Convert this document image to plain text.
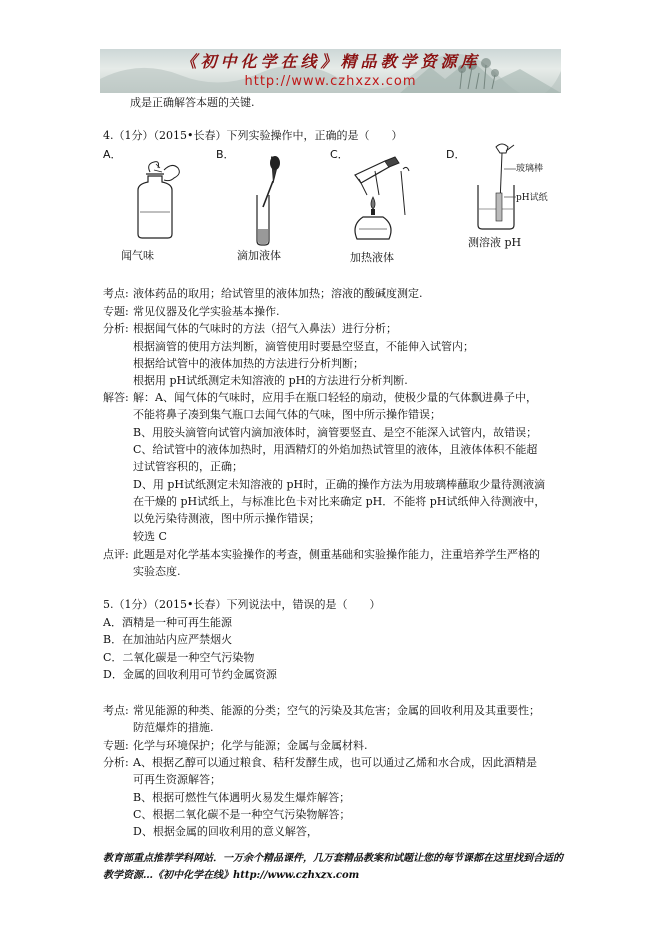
《初中化学在线》精品教学资源库
http://www.czhxzx.com
成是正确解答本题的关键.
4.（1分）（2015•长春）下列实验操作中，正确的是（　　）
A．	B．	C．	D．
闻气味	滴加液体	加热液体
玻璃棒
pH试纸
测溶液 pH
考点: 液体药品的取用；给试管里的液体加热；溶液的酸碱度测定.
专题: 常见仪器及化学实验基本操作.
分析: 根据闻气体的气味时的方法（招气入鼻法）进行分析；
根据滴管的使用方法判断，滴管使用时要悬空竖直，不能伸入试管内；
根据给试管中的液体加热的方法进行分析判断；
根据用 pH试纸测定未知溶液的 pH的方法进行分析判断.
解答: 解：A、闻气体的气味时，应用手在瓶口轻轻的扇动，使极少量的气体飘进鼻子中，
不能将鼻子凑到集气瓶口去闻气体的气味，图中所示操作错误；
B、用胶头滴管向试管内滴加液体时，滴管要竖直、是空不能深入试管内，故错误；
C、给试管中的液体加热时，用酒精灯的外焰加热试管里的液体，且液体体积不能超
过试管容积的，正确；
D、用 pH试纸测定未知溶液的 pH时，正确的操作方法为用玻璃棒蘸取少量待测液滴
在干燥的 pH试纸上，与标准比色卡对比来确定 pH．不能将 pH试纸伸入待测液中，
以免污染待测液，图中所示操作错误；
较选 C
点评: 此题是对化学基本实验操作的考查，侧重基础和实验操作能力，注重培养学生严格的
实验态度.
5.（1分）（2015•长春）下列说法中，错误的是（　　）
A．酒精是一种可再生能源
B．在加油站内应严禁烟火
C．二氧化碳是一种空气污染物
D．金属的回收利用可节约金属资源
考点: 常见能源的种类、能源的分类；空气的污染及其危害；金属的回收利用及其重要性；
防范爆炸的措施.
专题: 化学与环境保护；化学与能源；金属与金属材料.
分析: A、根据乙醇可以通过粮食、秸秆发酵生成，也可以通过乙烯和水合成，因此酒精是
可再生资源解答；
B、根据可燃性气体遇明火易发生爆炸解答；
C、根据二氧化碳不是一种空气污染物解答；
D、根据金属的回收利用的意义解答，
教育部重点推荐学科网站．一万余个精品课件，几万套精品教案和试题让您的每节课都在这里找到合适的
教学资源…《初中化学在线》http://www.czhxzx.com
